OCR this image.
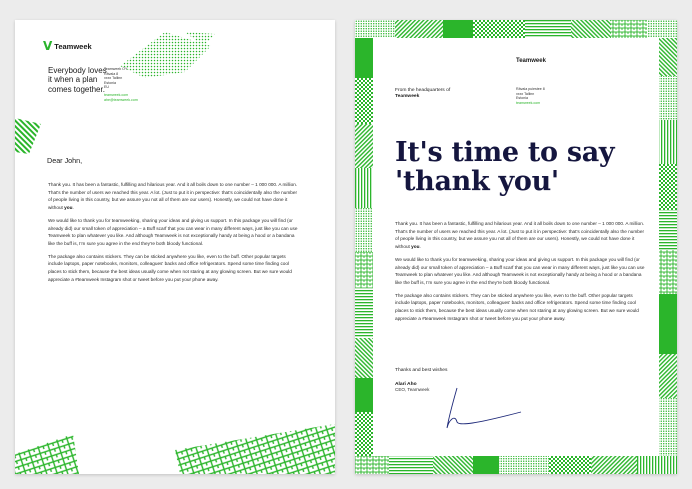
V Teamweek
Everybody loves it when a plan comes together.
Teamweek OY
Rävala 8
xxxx Tallinn
Estonia
EU
teamweek.com
ahe@teamweek.com
Dear John,

Thank you. It has been a fantastic, fulfilling and hilarious year. And it all boils down to one number – 1 000 000. A million. That's the number of users we reached this year. A lot. (Just to put it in perspective: that's coincidentally also the number of people living in this country, but we assure you not all of them are our users). Honestly, we could not have done it without you.

We would like to thank you for teamweeking, sharing your ideas and giving us support. In this package you will find (or already did) our small token of appreciation – a Buff scarf that you can wear in many different ways, just like you can use Teamweek to plan whatever you like. And although Teamweek is not exceptionally handy at being a hood or a bandana like the buff is, I'm sure you agree in the end they're both bloody functional.

The package also contains stickers. They can be sticked anywhere you like, even to the buff. Other popular targets include laptops, paper notebooks, monitors, colleagues' backs and office refrigerators. Spend some time finding cool places to stick them, because the best ideas usually come when not staring at any glowing screen. But we sure would appreciate a #teamweek Instagram shot or tweet before you put your phone away.

Teamweek
From the headquarters of
Teamweek
Rävala puiestee 8
xxxx Tallinn
Estonia
teamweek.com
It's time to say
'thank you'

Thank you. It has been a fantastic, fulfilling and hilarious year. And it all boils down to one number – 1 000 000. A million. That's the number of users we reached this year. A lot. (Just to put it in perspective: that's coincidentally also the number of people living in this country, but we assure you not all of them are our users). Honestly, we could not have done it without you.

We would like to thank you for teamweeking, sharing your ideas and giving us support. In this package you will find (or already did) our small token of appreciation – a Buff scarf that you can wear in many different ways, just like you can use Teamweek to plan whatever you like. And although Teamweek is not exceptionally handy at being a hood or a bandana like the buff is, I'm sure you agree in the end they're both bloody functional.

The package also contains stickers. They can be sticked anywhere you like, even to the buff. Other popular targets include laptops, paper notebooks, monitors, colleagues' backs and office refrigerators. Spend some time finding cool places to stick them, because the best ideas usually come when not staring at any glowing screen. But we sure would appreciate a #teamweek Instagram shot or tweet before you put your phone away.

Thanks and best wishes
Alari Aho
CEO, Teamweek
